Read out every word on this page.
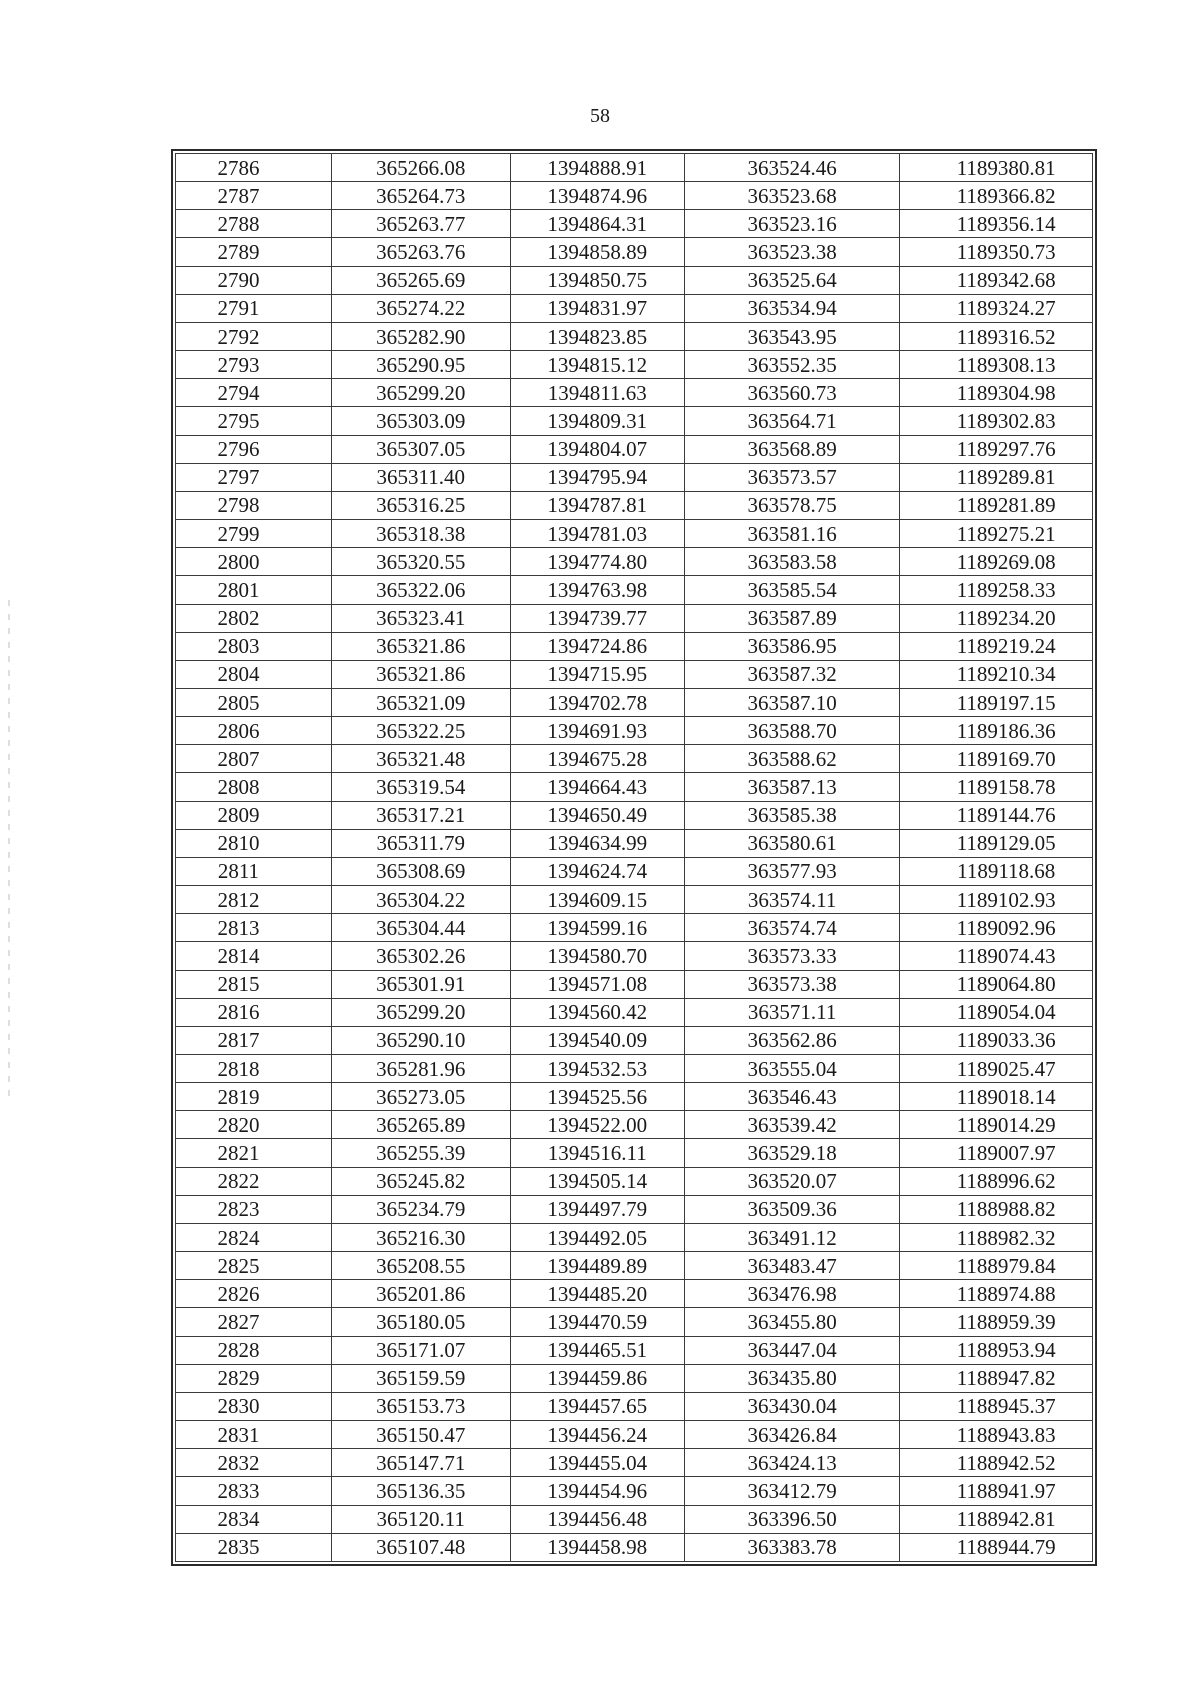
58
2786	365266.08	1394888.91	363524.46	1189380.81
2787	365264.73	1394874.96	363523.68	1189366.82
2788	365263.77	1394864.31	363523.16	1189356.14
2789	365263.76	1394858.89	363523.38	1189350.73
2790	365265.69	1394850.75	363525.64	1189342.68
2791	365274.22	1394831.97	363534.94	1189324.27
2792	365282.90	1394823.85	363543.95	1189316.52
2793	365290.95	1394815.12	363552.35	1189308.13
2794	365299.20	1394811.63	363560.73	1189304.98
2795	365303.09	1394809.31	363564.71	1189302.83
2796	365307.05	1394804.07	363568.89	1189297.76
2797	365311.40	1394795.94	363573.57	1189289.81
2798	365316.25	1394787.81	363578.75	1189281.89
2799	365318.38	1394781.03	363581.16	1189275.21
2800	365320.55	1394774.80	363583.58	1189269.08
2801	365322.06	1394763.98	363585.54	1189258.33
2802	365323.41	1394739.77	363587.89	1189234.20
2803	365321.86	1394724.86	363586.95	1189219.24
2804	365321.86	1394715.95	363587.32	1189210.34
2805	365321.09	1394702.78	363587.10	1189197.15
2806	365322.25	1394691.93	363588.70	1189186.36
2807	365321.48	1394675.28	363588.62	1189169.70
2808	365319.54	1394664.43	363587.13	1189158.78
2809	365317.21	1394650.49	363585.38	1189144.76
2810	365311.79	1394634.99	363580.61	1189129.05
2811	365308.69	1394624.74	363577.93	1189118.68
2812	365304.22	1394609.15	363574.11	1189102.93
2813	365304.44	1394599.16	363574.74	1189092.96
2814	365302.26	1394580.70	363573.33	1189074.43
2815	365301.91	1394571.08	363573.38	1189064.80
2816	365299.20	1394560.42	363571.11	1189054.04
2817	365290.10	1394540.09	363562.86	1189033.36
2818	365281.96	1394532.53	363555.04	1189025.47
2819	365273.05	1394525.56	363546.43	1189018.14
2820	365265.89	1394522.00	363539.42	1189014.29
2821	365255.39	1394516.11	363529.18	1189007.97
2822	365245.82	1394505.14	363520.07	1188996.62
2823	365234.79	1394497.79	363509.36	1188988.82
2824	365216.30	1394492.05	363491.12	1188982.32
2825	365208.55	1394489.89	363483.47	1188979.84
2826	365201.86	1394485.20	363476.98	1188974.88
2827	365180.05	1394470.59	363455.80	1188959.39
2828	365171.07	1394465.51	363447.04	1188953.94
2829	365159.59	1394459.86	363435.80	1188947.82
2830	365153.73	1394457.65	363430.04	1188945.37
2831	365150.47	1394456.24	363426.84	1188943.83
2832	365147.71	1394455.04	363424.13	1188942.52
2833	365136.35	1394454.96	363412.79	1188941.97
2834	365120.11	1394456.48	363396.50	1188942.81
2835	365107.48	1394458.98	363383.78	1188944.79
